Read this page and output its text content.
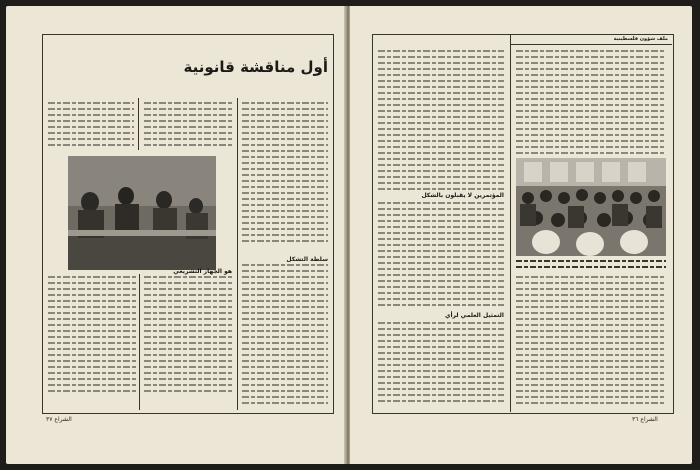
أول مناقشة قانونية
هو الجهاز التشريعي
سلطة التشكل
الشراع ٣٧
ملف شؤون فلسطينية
المؤتمرين لا يقبلون بالشكل
التمثيل العلمي لرأي
الشراع ٣٦
